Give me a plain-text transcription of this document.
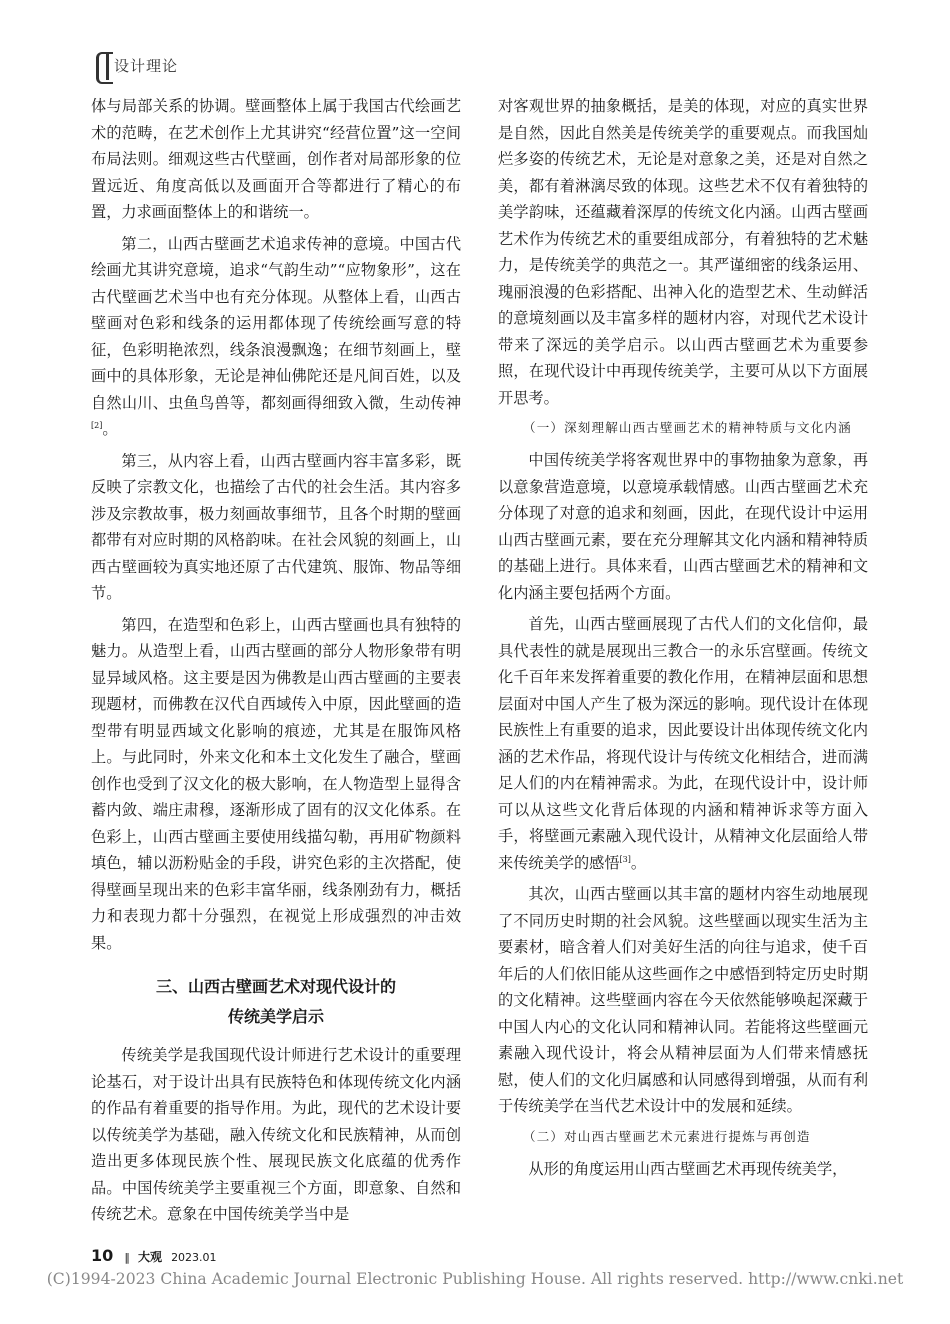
设计理论

体与局部关系的协调。壁画整体上属于我国古代绘画艺术的范畴，在艺术创作上尤其讲究“经营位置”这一空间布局法则。细观这些古代壁画，创作者对局部形象的位置远近、角度高低以及画面开合等都进行了精心的布置，力求画面整体上的和谐统一。

第二，山西古壁画艺术追求传神的意境。中国古代绘画尤其讲究意境，追求“气韵生动”“应物象形”，这在古代壁画艺术当中也有充分体现。从整体上看，山西古壁画对色彩和线条的运用都体现了传统绘画写意的特征，色彩明艳浓烈，线条浪漫飘逸；在细节刻画上，壁画中的具体形象，无论是神仙佛陀还是凡间百姓，以及自然山川、虫鱼鸟兽等，都刻画得细致入微，生动传神[2]。

第三，从内容上看，山西古壁画内容丰富多彩，既反映了宗教文化，也描绘了古代的社会生活。其内容多涉及宗教故事，极力刻画故事细节，且各个时期的壁画都带有对应时期的风格韵味。在社会风貌的刻画上，山西古壁画较为真实地还原了古代建筑、服饰、物品等细节。

第四，在造型和色彩上，山西古壁画也具有独特的魅力。从造型上看，山西古壁画的部分人物形象带有明显异域风格。这主要是因为佛教是山西古壁画的主要表现题材，而佛教在汉代自西域传入中原，因此壁画的造型带有明显西域文化影响的痕迹，尤其是在服饰风格上。与此同时，外来文化和本土文化发生了融合，壁画创作也受到了汉文化的极大影响，在人物造型上显得含蓄内敛、端庄肃穆，逐渐形成了固有的汉文化体系。在色彩上，山西古壁画主要使用线描勾勒，再用矿物颜料填色，辅以沥粉贴金的手段，讲究色彩的主次搭配，使得壁画呈现出来的色彩丰富华丽，线条刚劲有力，概括力和表现力都十分强烈，在视觉上形成强烈的冲击效果。

三、山西古壁画艺术对现代设计的
传统美学启示

传统美学是我国现代设计师进行艺术设计的重要理论基石，对于设计出具有民族特色和体现传统文化内涵的作品有着重要的指导作用。为此，现代的艺术设计要以传统美学为基础，融入传统文化和民族精神，从而创造出更多体现民族个性、展现民族文化底蕴的优秀作品。中国传统美学主要重视三个方面，即意象、自然和传统艺术。意象在中国传统美学当中是

对客观世界的抽象概括，是美的体现，对应的真实世界是自然，因此自然美是传统美学的重要观点。而我国灿烂多姿的传统艺术，无论是对意象之美，还是对自然之美，都有着淋漓尽致的体现。这些艺术不仅有着独特的美学韵味，还蕴藏着深厚的传统文化内涵。山西古壁画艺术作为传统艺术的重要组成部分，有着独特的艺术魅力，是传统美学的典范之一。其严谨细密的线条运用、瑰丽浪漫的色彩搭配、出神入化的造型艺术、生动鲜活的意境刻画以及丰富多样的题材内容，对现代艺术设计带来了深远的美学启示。以山西古壁画艺术为重要参照，在现代设计中再现传统美学，主要可从以下方面展开思考。

（一）深刻理解山西古壁画艺术的精神特质与文化内涵

中国传统美学将客观世界中的事物抽象为意象，再以意象营造意境，以意境承载情感。山西古壁画艺术充分体现了对意的追求和刻画，因此，在现代设计中运用山西古壁画元素，要在充分理解其文化内涵和精神特质的基础上进行。具体来看，山西古壁画艺术的精神和文化内涵主要包括两个方面。

首先，山西古壁画展现了古代人们的文化信仰，最具代表性的就是展现出三教合一的永乐宫壁画。传统文化千百年来发挥着重要的教化作用，在精神层面和思想层面对中国人产生了极为深远的影响。现代设计在体现民族性上有重要的追求，因此要设计出体现传统文化内涵的艺术作品，将现代设计与传统文化相结合，进而满足人们的内在精神需求。为此，在现代设计中，设计师可以从这些文化背后体现的内涵和精神诉求等方面入手，将壁画元素融入现代设计，从精神文化层面给人带来传统美学的感悟[3]。

其次，山西古壁画以其丰富的题材内容生动地展现了不同历史时期的社会风貌。这些壁画以现实生活为主要素材，暗含着人们对美好生活的向往与追求，使千百年后的人们依旧能从这些画作之中感悟到特定历史时期的文化精神。这些壁画内容在今天依然能够唤起深藏于中国人内心的文化认同和精神认同。若能将这些壁画元素融入现代设计，将会从精神层面为人们带来情感抚慰，使人们的文化归属感和认同感得到增强，从而有利于传统美学在当代艺术设计中的发展和延续。

（二）对山西古壁画艺术元素进行提炼与再创造

从形的角度运用山西古壁画艺术再现传统美学，

10 ‖ 大观 2023.01
(C)1994-2023 China Academic Journal Electronic Publishing House. All rights reserved. http://www.cnki.net
